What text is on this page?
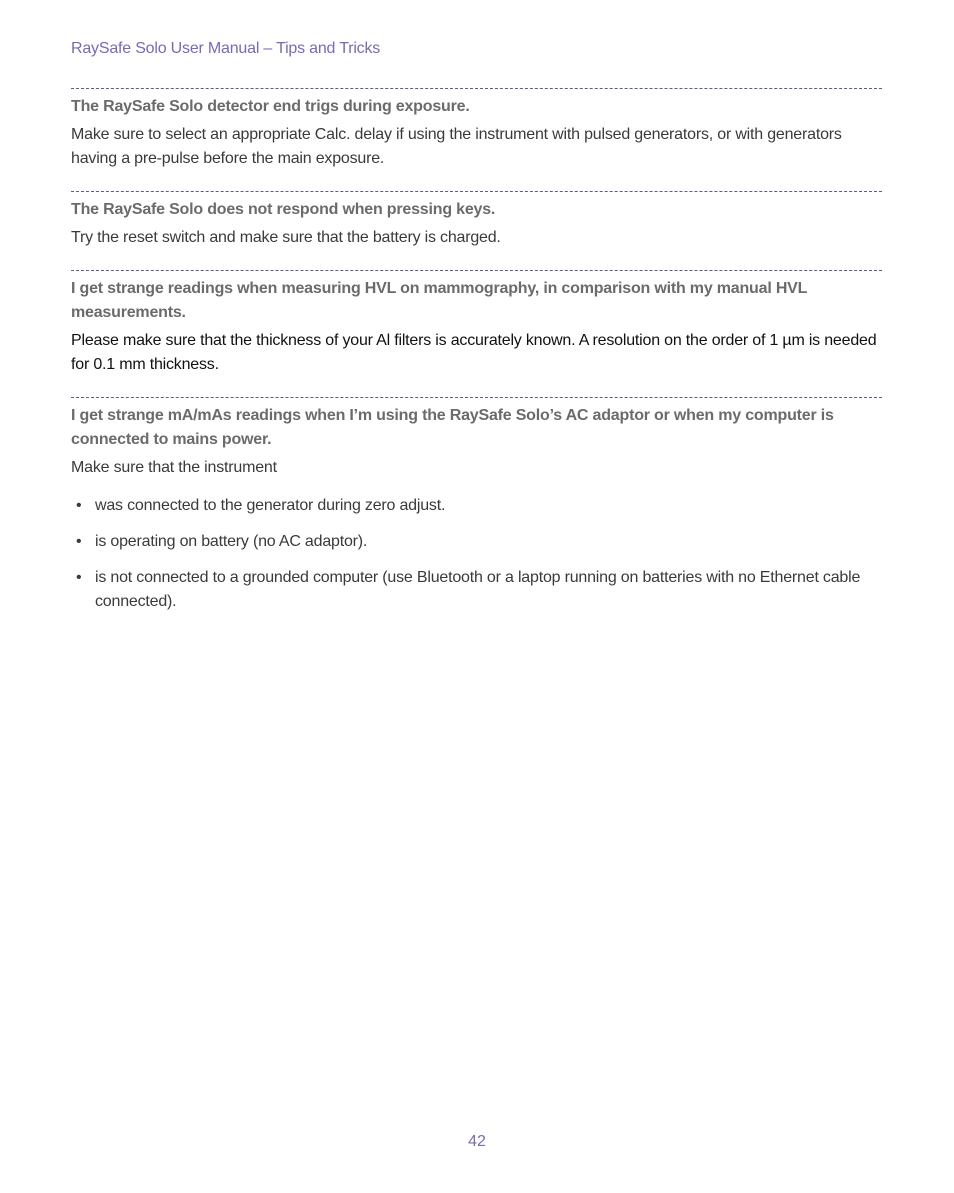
RaySafe Solo User Manual – Tips and Tricks

The RaySafe Solo detector end trigs during exposure.

Make sure to select an appropriate Calc. delay if using the instrument with pulsed generators, or with generators having a pre-pulse before the main exposure.

The RaySafe Solo does not respond when pressing keys.

Try the reset switch and make sure that the battery is charged.

I get strange readings when measuring HVL on mammography, in comparison with my manual HVL measurements.

Please make sure that the thickness of your Al filters is accurately known. A resolution on the order of 1 µm is needed for 0.1 mm thickness.

I get strange mA/mAs readings when I’m using the RaySafe Solo’s AC adaptor or when my computer is connected to mains power.

Make sure that the instrument

• was connected to the generator during zero adjust.
• is operating on battery (no AC adaptor).
• is not connected to a grounded computer (use Bluetooth or a laptop running on batteries with no Ethernet cable connected).
42
